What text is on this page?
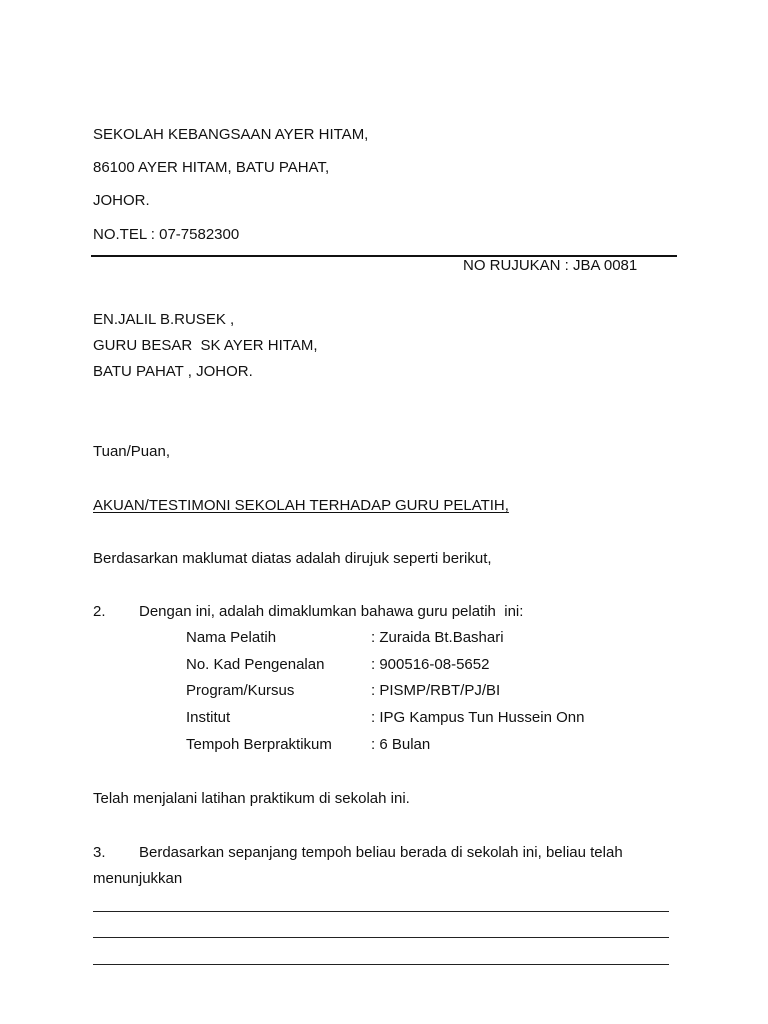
SEKOLAH KEBANGSAAN AYER HITAM,
86100 AYER HITAM, BATU PAHAT,
JOHOR.
NO.TEL : 07-7582300
NO RUJUKAN : JBA 0081
EN.JALIL B.RUSEK ,
GURU BESAR  SK AYER HITAM,
BATU PAHAT , JOHOR.
Tuan/Puan,
AKUAN/TESTIMONI SEKOLAH TERHADAP GURU PELATIH,
Berdasarkan maklumat diatas adalah dirujuk seperti berikut,
2. Dengan ini, adalah dimaklumkan bahawa guru pelatih  ini:
Nama Pelatih	: Zuraida Bt.Bashari
No. Kad Pengenalan	: 900516-08-5652
Program/Kursus	: PISMP/RBT/PJ/BI
Institut	: IPG Kampus Tun Hussein Onn
Tempoh Berpraktikum	: 6 Bulan
Telah menjalani latihan praktikum di sekolah ini.
3. Berdasarkan sepanjang tempoh beliau berada di sekolah ini, beliau telah
menunjukkan
